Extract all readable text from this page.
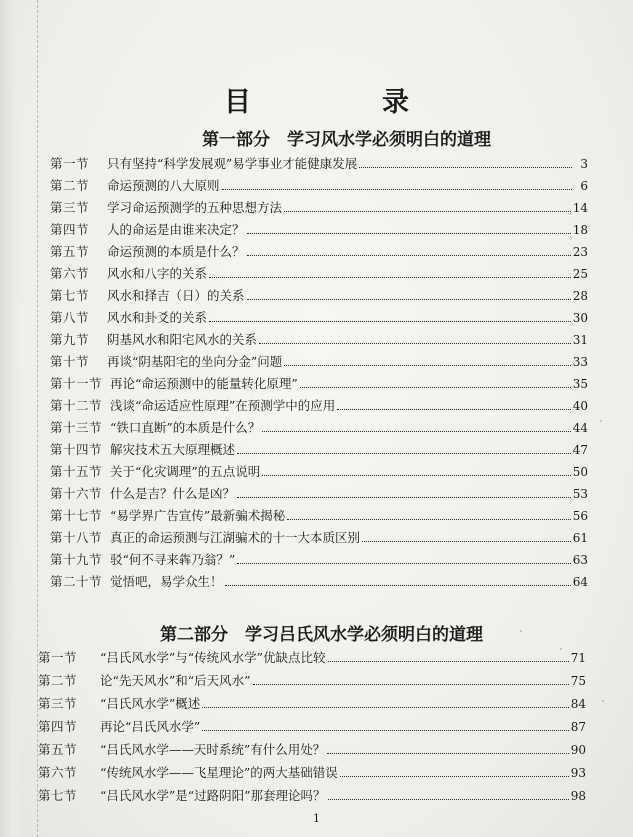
目　录
第一部分　学习风水学必须明白的道理
第一节	只有坚持“科学发展观”易学事业才能健康发展	3
第二节	命运预测的八大原则	6
第三节	学习命运预测学的五种思想方法	14
第四节	人的命运是由谁来决定？	18
第五节	命运预测的本质是什么？	23
第六节	风水和八字的关系	25
第七节	风水和择吉（日）的关系	28
第八节	风水和卦爻的关系	30
第九节	阴基风水和阳宅风水的关系	31
第十节	再谈“阴基阳宅的坐向分金”问题	33
第十一节 再论“命运预测中的能量转化原理”	35
第十二节 浅谈“命运适应性原理”在预测学中的应用	40
第十三节 “铁口直断”的本质是什么？	44
第十四节 解灾技术五大原理概述	47
第十五节 关于“化灾调理”的五点说明	50
第十六节 什么是吉？什么是凶？	53
第十七节 “易学界广告宣传”最新骗术揭秘	56
第十八节 真正的命运预测与江湖骗术的十一大本质区别	61
第十九节 驳“何不寻来犇乃翁？”	63
第二十节 觉悟吧，易学众生！	64
第二部分　学习吕氏风水学必须明白的道理
第一节	“吕氏风水学”与“传统风水学”优缺点比较	71
第二节	论“先天风水”和“后天风水”	75
第三节	“吕氏风水学”概述	84
第四节	再论“吕氏风水学”	87
第五节	“吕氏风水学——天时系统”有什么用处？	90
第六节	“传统风水学——飞星理论”的两大基础错误	93
第七节	“吕氏风水学”是“过路阴阳”那套理论吗？	98
1
